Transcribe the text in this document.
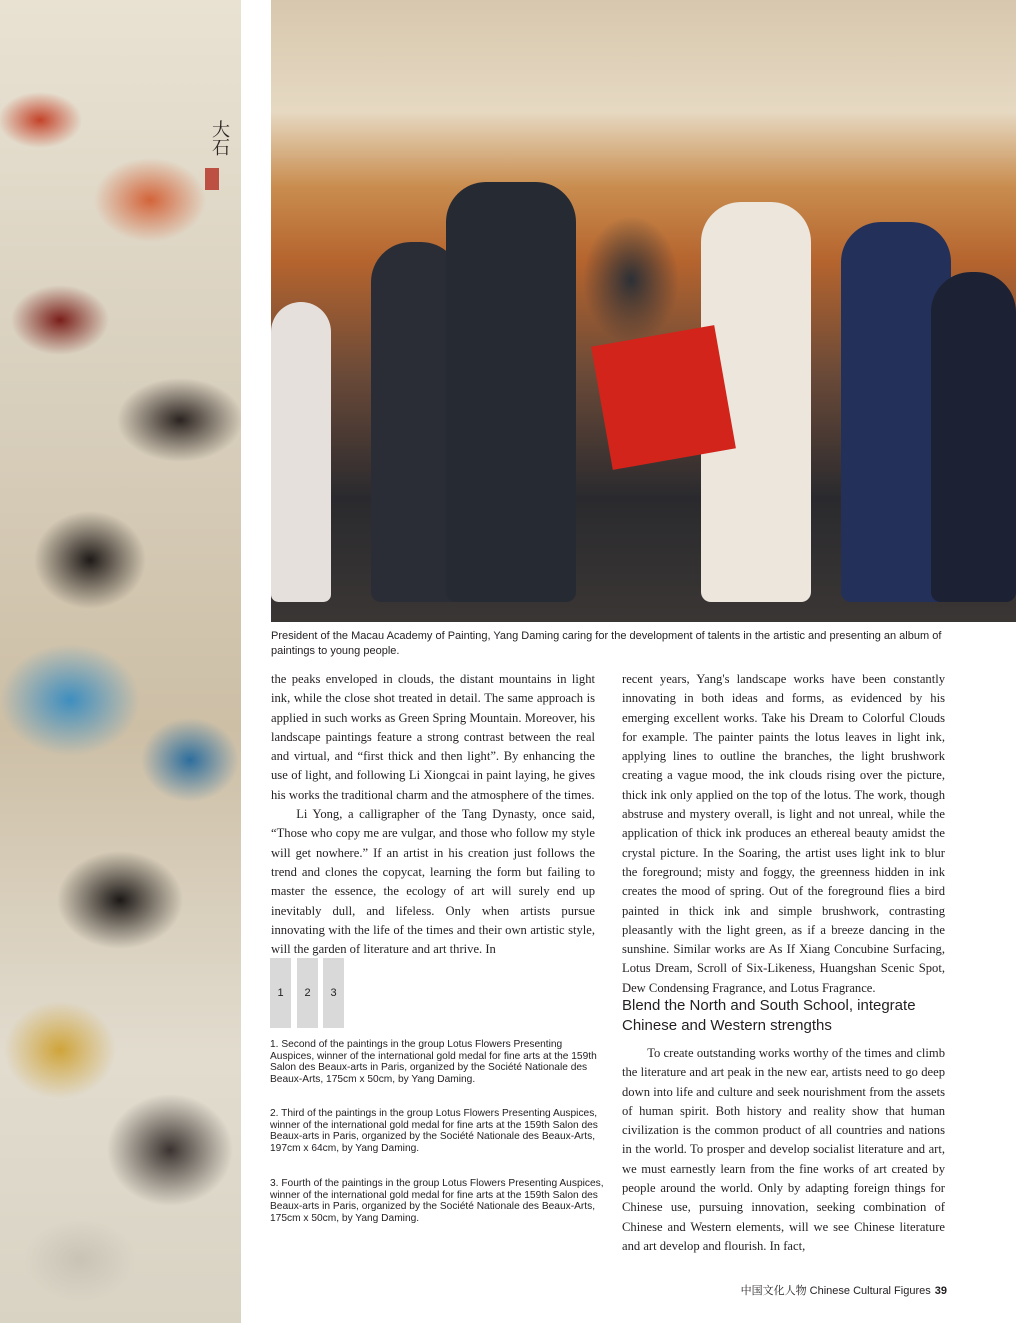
大石
President of the Macau Academy of Painting, Yang Daming caring for the development of talents in the artistic and presenting an album of paintings to young people.

the peaks enveloped in clouds, the distant mountains in light ink, while the close shot treated in detail. The same approach is applied in such works as Green Spring Mountain. Moreover, his landscape paintings feature a strong contrast between the real and virtual, and “first thick and then light”. By enhancing the use of light, and following Li Xiongcai in paint laying, he gives his works the traditional charm and the atmosphere of the times.

Li Yong, a calligrapher of the Tang Dynasty, once said, “Those who copy me are vulgar, and those who follow my style will get nowhere.” If an artist in his creation just follows the trend and clones the copycat, learning the form but failing to master the essence, the ecology of art will surely end up inevitably dull, and lifeless. Only when artists pursue innovating with the life of the times and their own artistic style, will the garden of literature and art thrive. In

1	2	3
1. Second of the paintings in the group Lotus Flowers Presenting Auspices, winner of the international gold medal for fine arts at the 159th Salon des Beaux-arts in Paris, organized by the Société Nationale des Beaux-Arts, 175cm x 50cm, by Yang Daming.
2. Third of the paintings in the group Lotus Flowers Presenting Auspices, winner of the international gold medal for fine arts at the 159th Salon des Beaux-arts in Paris, organized by the Société Nationale des Beaux-Arts, 197cm x 64cm, by Yang Daming.
3. Fourth of the paintings in the group Lotus Flowers Presenting Auspices, winner of the international gold medal for fine arts at the 159th Salon des Beaux-arts in Paris, organized by the Société Nationale des Beaux-Arts, 175cm x 50cm, by Yang Daming.

recent years, Yang's landscape works have been constantly innovating in both ideas and forms, as evidenced by his emerging excellent works. Take his Dream to Colorful Clouds for example. The painter paints the lotus leaves in light ink, applying lines to outline the branches, the light brushwork creating a vague mood, the ink clouds rising over the picture, thick ink only applied on the top of the lotus. The work, though abstruse and mystery overall, is light and not unreal, while the application of thick ink produces an ethereal beauty amidst the crystal picture. In the Soaring, the artist uses light ink to blur the foreground; misty and foggy, the greenness hidden in ink creates the mood of spring. Out of the foreground flies a bird painted in thick ink and simple brushwork, contrasting pleasantly with the light green, as if a breeze dancing in the sunshine. Similar works are As If Xiang Concubine Surfacing, Lotus Dream, Scroll of Six-Likeness, Huangshan Scenic Spot, Dew Condensing Fragrance, and Lotus Fragrance.

Blend the North and South School, integrate Chinese and Western strengths

To create outstanding works worthy of the times and climb the literature and art peak in the new ear, artists need to go deep down into life and culture and seek nourishment from the assets of human spirit. Both history and reality show that human civilization is the common product of all countries and nations in the world. To prosper and develop socialist literature and art, we must earnestly learn from the fine works of art created by people around the world. Only by adapting foreign things for Chinese use, pursuing innovation, seeking combination of Chinese and Western elements, will we see Chinese literature and art develop and flourish. In fact,

中国文化人物 Chinese Cultural Figures 39
